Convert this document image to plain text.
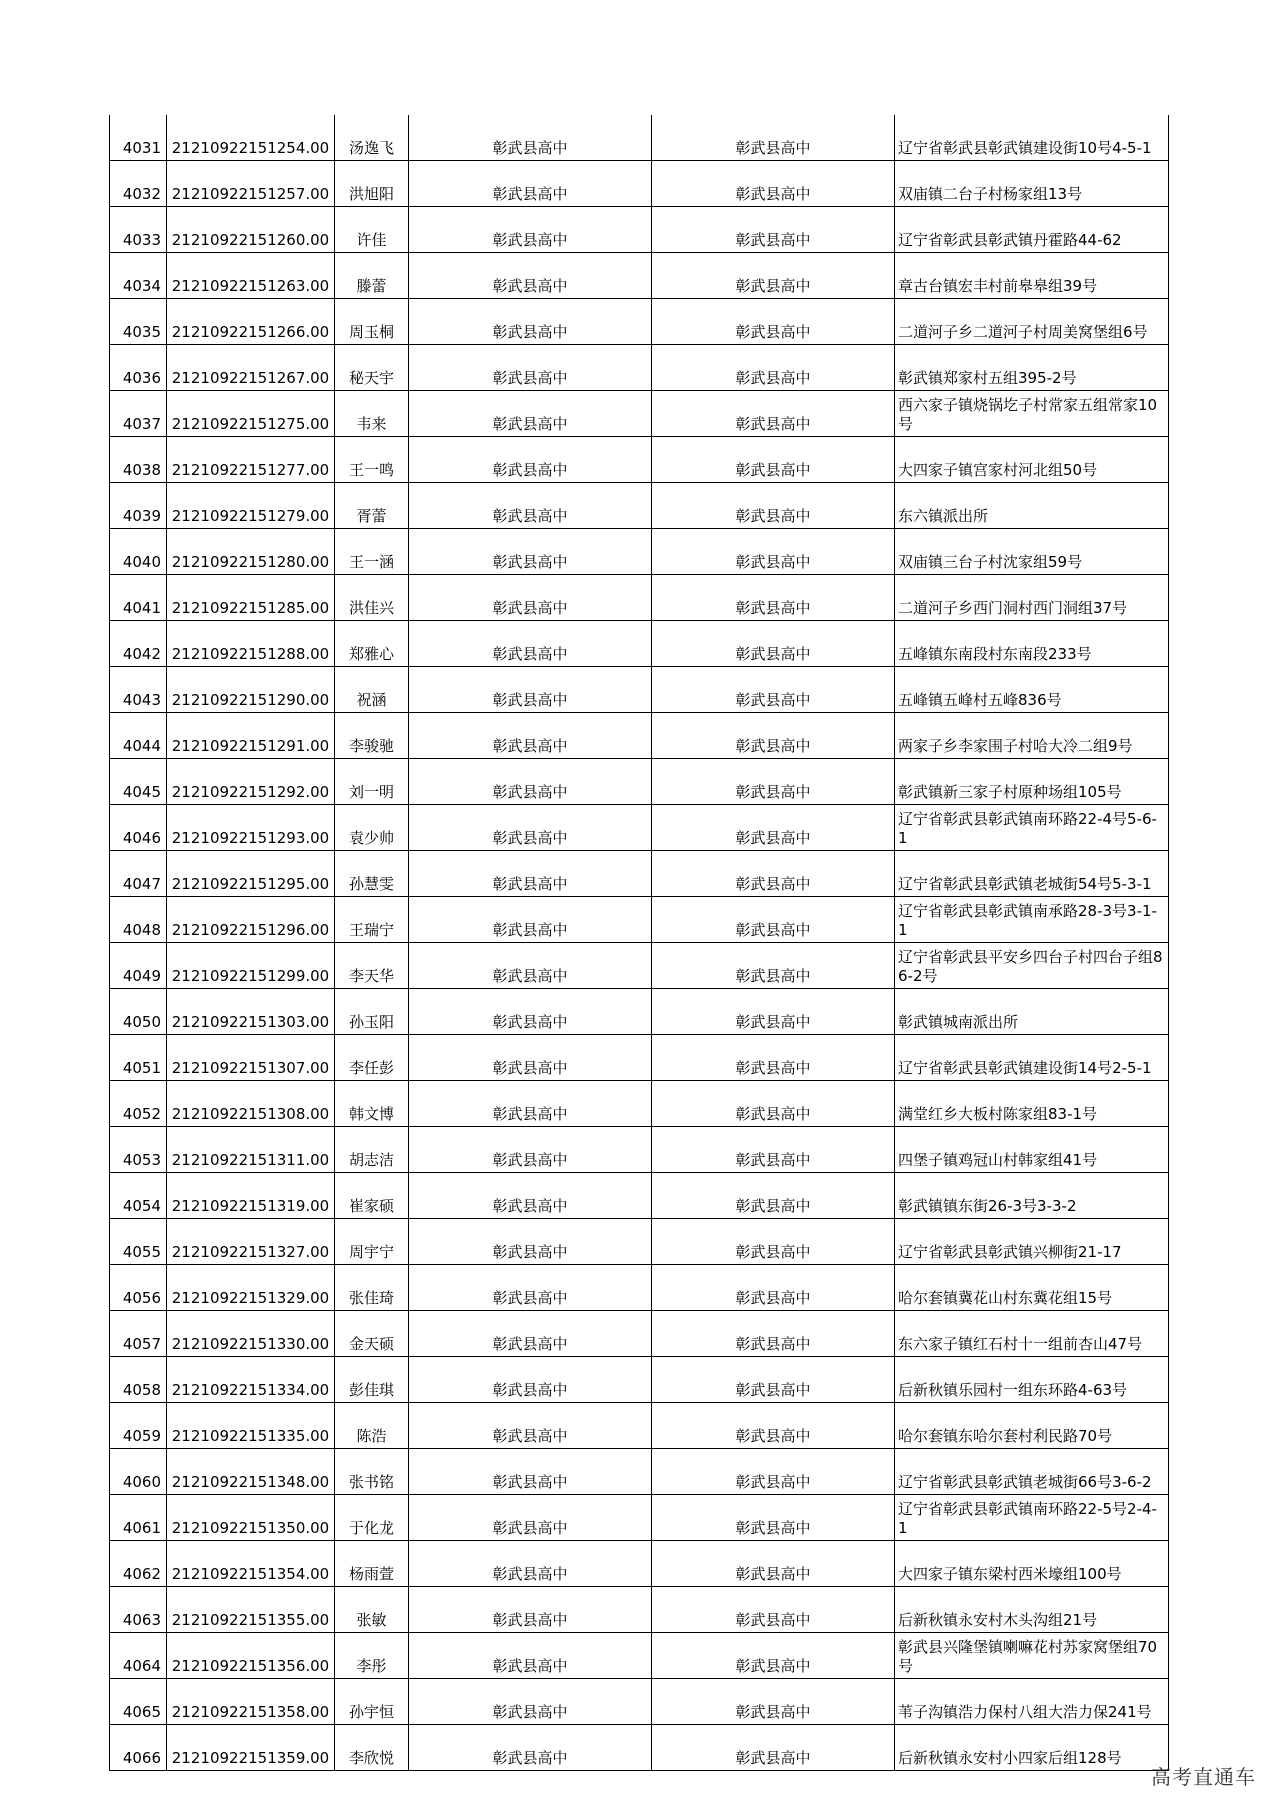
4031	21210922151254.00	汤逸飞	彰武县高中	彰武县高中	辽宁省彰武县彰武镇建设街10号4-5-1
4032	21210922151257.00	洪旭阳	彰武县高中	彰武县高中	双庙镇二台子村杨家组13号
4033	21210922151260.00	许佳	彰武县高中	彰武县高中	辽宁省彰武县彰武镇丹霍路44-62
4034	21210922151263.00	滕蕾	彰武县高中	彰武县高中	章古台镇宏丰村前皋皋组39号
4035	21210922151266.00	周玉桐	彰武县高中	彰武县高中	二道河子乡二道河子村周美窝堡组6号
4036	21210922151267.00	秘天宇	彰武县高中	彰武县高中	彰武镇郑家村五组395-2号
4037	21210922151275.00	韦来	彰武县高中	彰武县高中	西六家子镇烧锅圪子村常家五组常家10号
4038	21210922151277.00	王一鸣	彰武县高中	彰武县高中	大四家子镇宫家村河北组50号
4039	21210922151279.00	胥蕾	彰武县高中	彰武县高中	东六镇派出所
4040	21210922151280.00	王一涵	彰武县高中	彰武县高中	双庙镇三台子村沈家组59号
4041	21210922151285.00	洪佳兴	彰武县高中	彰武县高中	二道河子乡西门洞村西门洞组37号
4042	21210922151288.00	郑雅心	彰武县高中	彰武县高中	五峰镇东南段村东南段233号
4043	21210922151290.00	祝涵	彰武县高中	彰武县高中	五峰镇五峰村五峰836号
4044	21210922151291.00	李骏驰	彰武县高中	彰武县高中	两家子乡李家围子村哈大冷二组9号
4045	21210922151292.00	刘一明	彰武县高中	彰武县高中	彰武镇新三家子村原种场组105号
4046	21210922151293.00	袁少帅	彰武县高中	彰武县高中	辽宁省彰武县彰武镇南环路22-4号5-6-1
4047	21210922151295.00	孙慧雯	彰武县高中	彰武县高中	辽宁省彰武县彰武镇老城街54号5-3-1
4048	21210922151296.00	王瑞宁	彰武县高中	彰武县高中	辽宁省彰武县彰武镇南承路28-3号3-1-1
4049	21210922151299.00	李天华	彰武县高中	彰武县高中	辽宁省彰武县平安乡四台子村四台子组86-2号
4050	21210922151303.00	孙玉阳	彰武县高中	彰武县高中	彰武镇城南派出所
4051	21210922151307.00	李任彭	彰武县高中	彰武县高中	辽宁省彰武县彰武镇建设街14号2-5-1
4052	21210922151308.00	韩文博	彰武县高中	彰武县高中	满堂红乡大板村陈家组83-1号
4053	21210922151311.00	胡志洁	彰武县高中	彰武县高中	四堡子镇鸡冠山村韩家组41号
4054	21210922151319.00	崔家硕	彰武县高中	彰武县高中	彰武镇镇东街26-3号3-3-2
4055	21210922151327.00	周宇宁	彰武县高中	彰武县高中	辽宁省彰武县彰武镇兴柳街21-17
4056	21210922151329.00	张佳琦	彰武县高中	彰武县高中	哈尔套镇冀花山村东冀花组15号
4057	21210922151330.00	金天硕	彰武县高中	彰武县高中	东六家子镇红石村十一组前杏山47号
4058	21210922151334.00	彭佳琪	彰武县高中	彰武县高中	后新秋镇乐园村一组东环路4-63号
4059	21210922151335.00	陈浩	彰武县高中	彰武县高中	哈尔套镇东哈尔套村利民路70号
4060	21210922151348.00	张书铭	彰武县高中	彰武县高中	辽宁省彰武县彰武镇老城街66号3-6-2
4061	21210922151350.00	于化龙	彰武县高中	彰武县高中	辽宁省彰武县彰武镇南环路22-5号2-4-1
4062	21210922151354.00	杨雨萱	彰武县高中	彰武县高中	大四家子镇东梁村西米壕组100号
4063	21210922151355.00	张敏	彰武县高中	彰武县高中	后新秋镇永安村木头沟组21号
4064	21210922151356.00	李彤	彰武县高中	彰武县高中	彰武县兴隆堡镇喇嘛花村苏家窝堡组70号
4065	21210922151358.00	孙宇恒	彰武县高中	彰武县高中	苇子沟镇浩力保村八组大浩力保241号
4066	21210922151359.00	李欣悦	彰武县高中	彰武县高中	后新秋镇永安村小四家后组128号
高考直通车
